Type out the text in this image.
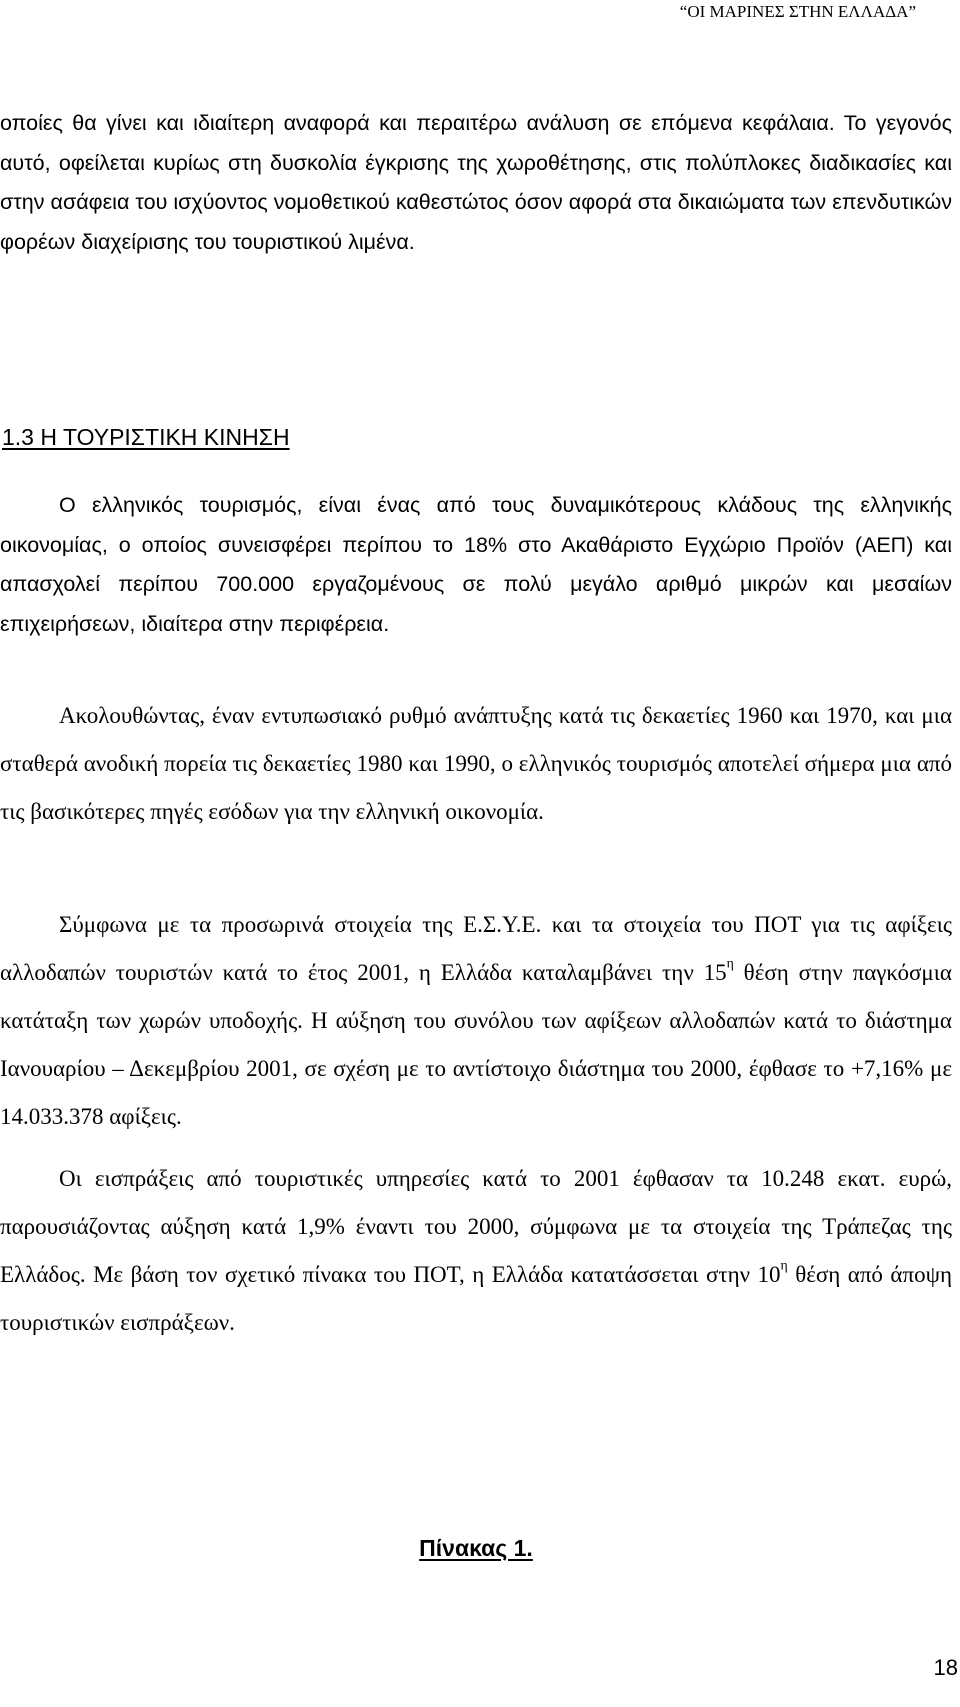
“ΟΙ ΜΑΡΙΝΕΣ ΣΤΗΝ ΕΛΛΑΔΑ”

οποίες θα γίνει και ιδιαίτερη αναφορά και περαιτέρω ανάλυση σε επόμενα κεφάλαια. Το γεγονός αυτό, οφείλεται κυρίως στη δυσκολία έγκρισης της χωροθέτησης, στις πολύπλοκες διαδικασίες και στην ασάφεια του ισχύοντος νομοθετικού καθεστώτος όσον αφορά στα δικαιώματα των επενδυτικών φορέων διαχείρισης του τουριστικού λιμένα.

1.3 Η ΤΟΥΡΙΣΤΙΚΗ ΚΙΝΗΣΗ

Ο ελληνικός τουρισμός, είναι ένας από τους δυναμικότερους κλάδους της ελληνικής οικονομίας, ο οποίος συνεισφέρει περίπου το 18% στο Ακαθάριστο Εγχώριο Προϊόν (ΑΕΠ) και απασχολεί περίπου 700.000 εργαζομένους σε πολύ μεγάλο αριθμό μικρών και μεσαίων επιχειρήσεων, ιδιαίτερα στην περιφέρεια.

Ακολουθώντας, έναν εντυπωσιακό ρυθμό ανάπτυξης κατά τις δεκαετίες 1960 και 1970, και μια σταθερά ανοδική πορεία τις δεκαετίες 1980 και 1990, ο ελληνικός τουρισμός αποτελεί σήμερα μια από τις βασικότερες πηγές εσόδων για την ελληνική οικονομία.

Σύμφωνα με τα προσωρινά στοιχεία της Ε.Σ.Υ.Ε. και τα στοιχεία του ΠΟΤ για τις αφίξεις αλλοδαπών τουριστών κατά το έτος 2001, η Ελλάδα καταλαμβάνει την $15^\eta$ θέση στην παγκόσμια κατάταξη των χωρών υποδοχής. Η αύξηση του συνόλου των αφίξεων αλλοδαπών κατά το διάστημα Ιανουαρίου – Δεκεμβρίου 2001, σε σχέση με το αντίστοιχο διάστημα του 2000, έφθασε το +7,16% με 14.033.378 αφίξεις.

Οι εισπράξεις από τουριστικές υπηρεσίες κατά το 2001 έφθασαν τα 10.248 εκατ. ευρώ, παρουσιάζοντας αύξηση κατά 1,9% έναντι του 2000, σύμφωνα με τα στοιχεία της Τράπεζας της Ελλάδος. Με βάση τον σχετικό πίνακα του ΠΟΤ, η Ελλάδα κατατάσσεται στην $10^\eta$ θέση από άποψη τουριστικών εισπράξεων.

Πίνακας 1.
18
